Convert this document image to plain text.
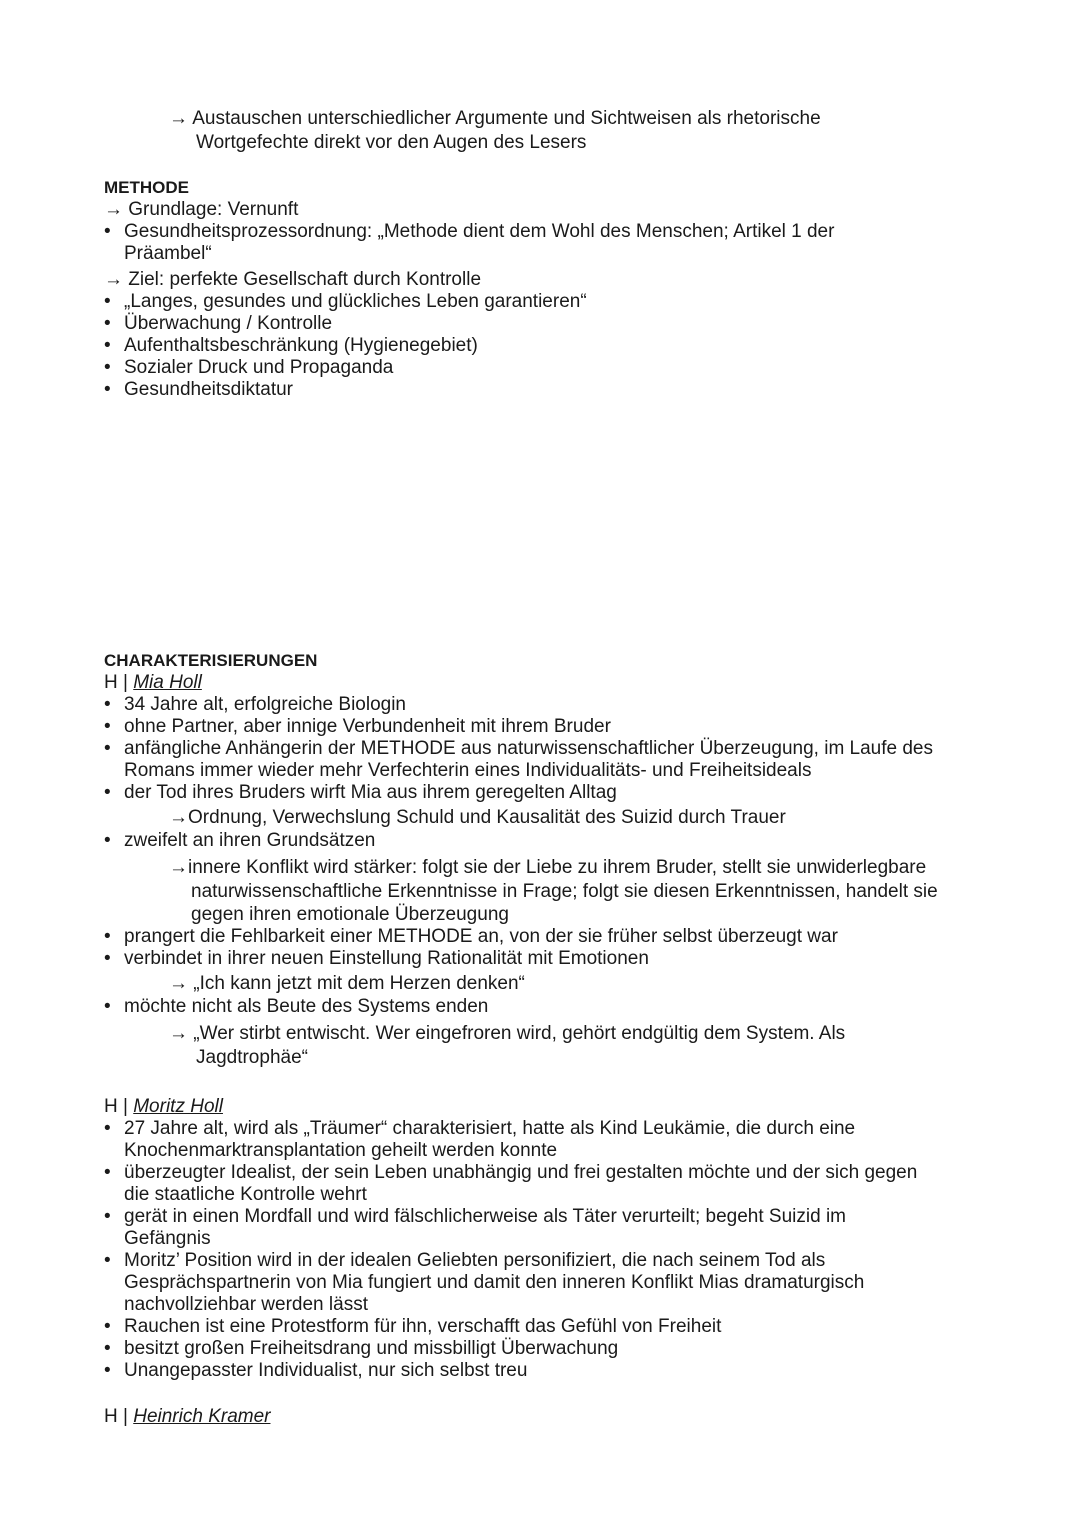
→ Austauschen unterschiedlicher Argumente und Sichtweisen als rhetorische
Wortgefechte direkt vor den Augen des Lesers
METHODE
→ Grundlage: Vernunft
• Gesundheitsprozessordnung: „Methode dient dem Wohl des Menschen; Artikel 1 der
Präambel“
→ Ziel: perfekte Gesellschaft durch Kontrolle
• „Langes, gesundes und glückliches Leben garantieren“
• Überwachung / Kontrolle
• Aufenthaltsbeschränkung (Hygienegebiet)
• Sozialer Druck und Propaganda
• Gesundheitsdiktatur
CHARAKTERISIERUNGEN
H | Mia Holl
• 34 Jahre alt, erfolgreiche Biologin
• ohne Partner, aber innige Verbundenheit mit ihrem Bruder
• anfängliche Anhängerin der METHODE aus naturwissenschaftlicher Überzeugung, im Laufe des
Romans immer wieder mehr Verfechterin eines Individualitäts- und Freiheitsideals
• der Tod ihres Bruders wirft Mia aus ihrem geregelten Alltag
→Ordnung, Verwechslung Schuld und Kausalität des Suizid durch Trauer
• zweifelt an ihren Grundsätzen
→innere Konflikt wird stärker: folgt sie der Liebe zu ihrem Bruder, stellt sie unwiderlegbare
naturwissenschaftliche Erkenntnisse in Frage; folgt sie diesen Erkenntnissen, handelt sie
gegen ihren emotionale Überzeugung
• prangert die Fehlbarkeit einer METHODE an, von der sie früher selbst überzeugt war
• verbindet in ihrer neuen Einstellung Rationalität mit Emotionen
→ „Ich kann jetzt mit dem Herzen denken“
• möchte nicht als Beute des Systems enden
→ „Wer stirbt entwischt. Wer eingefroren wird, gehört endgültig dem System. Als
Jagdtrophäe“
H | Moritz Holl
• 27 Jahre alt, wird als „Träumer“ charakterisiert, hatte als Kind Leukämie, die durch eine
Knochenmarktransplantation geheilt werden konnte
• überzeugter Idealist, der sein Leben unabhängig und frei gestalten möchte und der sich gegen
die staatliche Kontrolle wehrt
• gerät in einen Mordfall und wird fälschlicherweise als Täter verurteilt; begeht Suizid im
Gefängnis
• Moritz’ Position wird in der idealen Geliebten personifiziert, die nach seinem Tod als
Gesprächspartnerin von Mia fungiert und damit den inneren Konflikt Mias dramaturgisch
nachvollziehbar werden lässt
• Rauchen ist eine Protestform für ihn, verschafft das Gefühl von Freiheit
• besitzt großen Freiheitsdrang und missbilligt Überwachung
• Unangepasster Individualist, nur sich selbst treu
H | Heinrich Kramer
